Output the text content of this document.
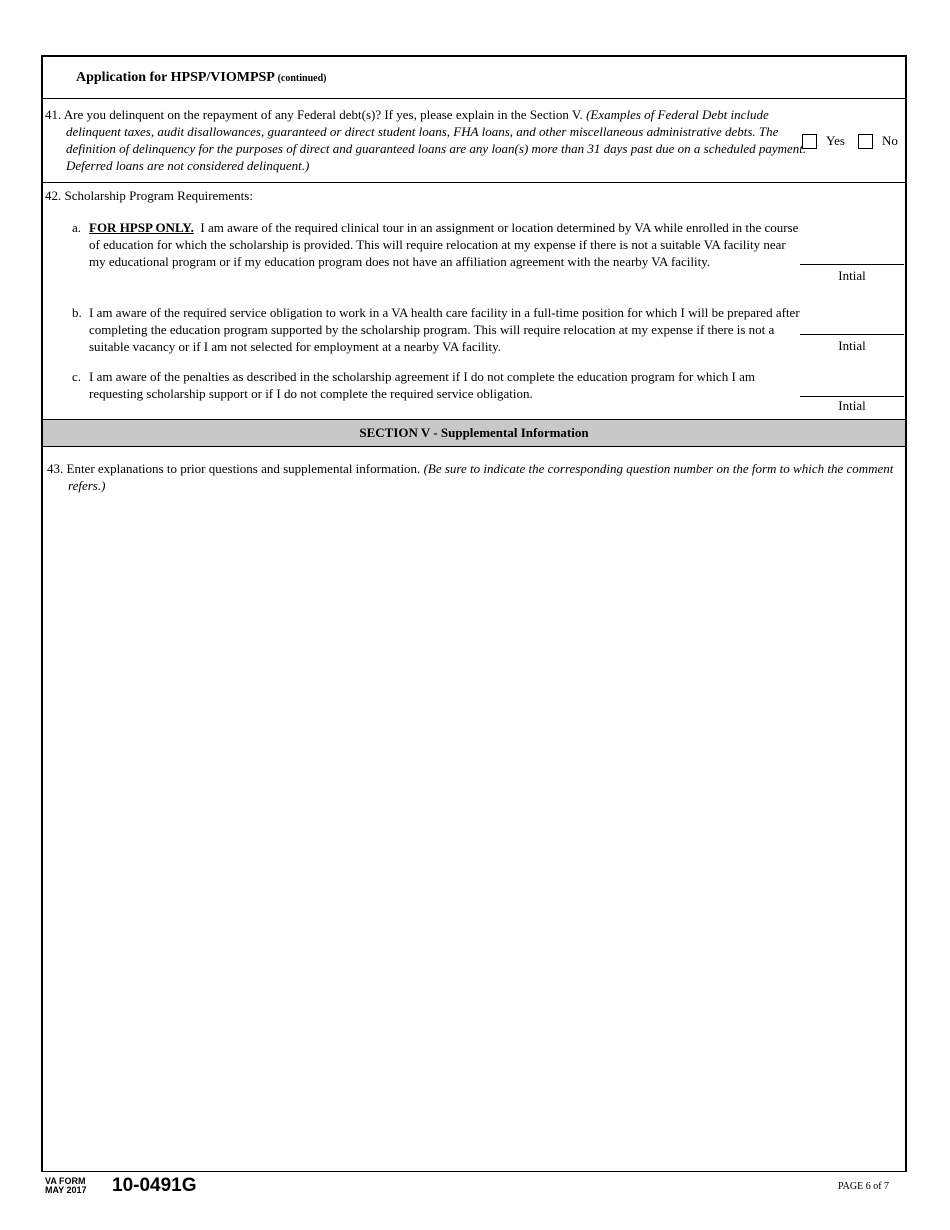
Application for HPSP/VIOMPSP (continued)
41. Are you delinquent on the repayment of any Federal debt(s)? If yes, please explain in the Section V. (Examples of Federal Debt include delinquent taxes, audit disallowances, guaranteed or direct student loans, FHA loans, and other miscellaneous administrative debts. The definition of delinquency for the purposes of direct and guaranteed loans are any loan(s) more than 31 days past due on a scheduled payment. Deferred loans are not considered delinquent.)
Yes	No
42. Scholarship Program Requirements:
a. FOR HPSP ONLY. I am aware of the required clinical tour in an assignment or location determined by VA while enrolled in the course of education for which the scholarship is provided. This will require relocation at my expense if there is not a suitable VA facility near my educational program or if my education program does not have an affiliation agreement with the nearby VA facility.
Intial
b. I am aware of the required service obligation to work in a VA health care facility in a full-time position for which I will be prepared after completing the education program supported by the scholarship program. This will require relocation at my expense if there is not a suitable vacancy or if I am not selected for employment at a nearby VA facility.	Intial
c. I am aware of the penalties as described in the scholarship agreement if I do not complete the education program for which I am requesting scholarship support or if I do not complete the required service obligation.
Intial
SECTION V - Supplemental Information
43. Enter explanations to prior questions and supplemental information. (Be sure to indicate the corresponding question number on the form to which the comment refers.)
VA FORM
MAY 2017 10-0491G	PAGE 6 of 7
